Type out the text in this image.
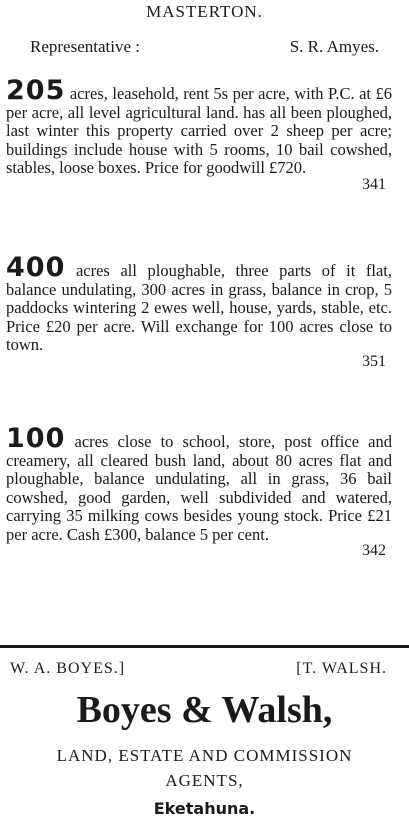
MASTERTON.
Representative :	S. R. Amyes.
205 acres, leasehold, rent 5s per acre, with P.C. at £6 per acre, all level agricultural land. has all been ploughed, last winter this property carried over 2 sheep per acre; buildings include house with 5 rooms, 10 bail cowshed, stables, loose boxes. Price for goodwill £720.
341
400 acres all ploughable, three parts of it flat, balance undulating, 300 acres in grass, balance in crop, 5 paddocks wintering 2 ewes well, house, yards, stable, etc. Price £20 per acre. Will exchange for 100 acres close to town.
351
100 acres close to school, store, post office and creamery, all cleared bush land, about 80 acres flat and ploughable, balance undulating, all in grass, 36 bail cowshed, good garden, well subdivided and watered, carrying 35 milking cows besides young stock. Price £21 per acre. Cash £300, balance 5 per cent.
342
W. A. BOYES.]	[T. WALSH.
Boyes & Walsh,
LAND, ESTATE AND COMMISSION
AGENTS,
Eketahuna.
